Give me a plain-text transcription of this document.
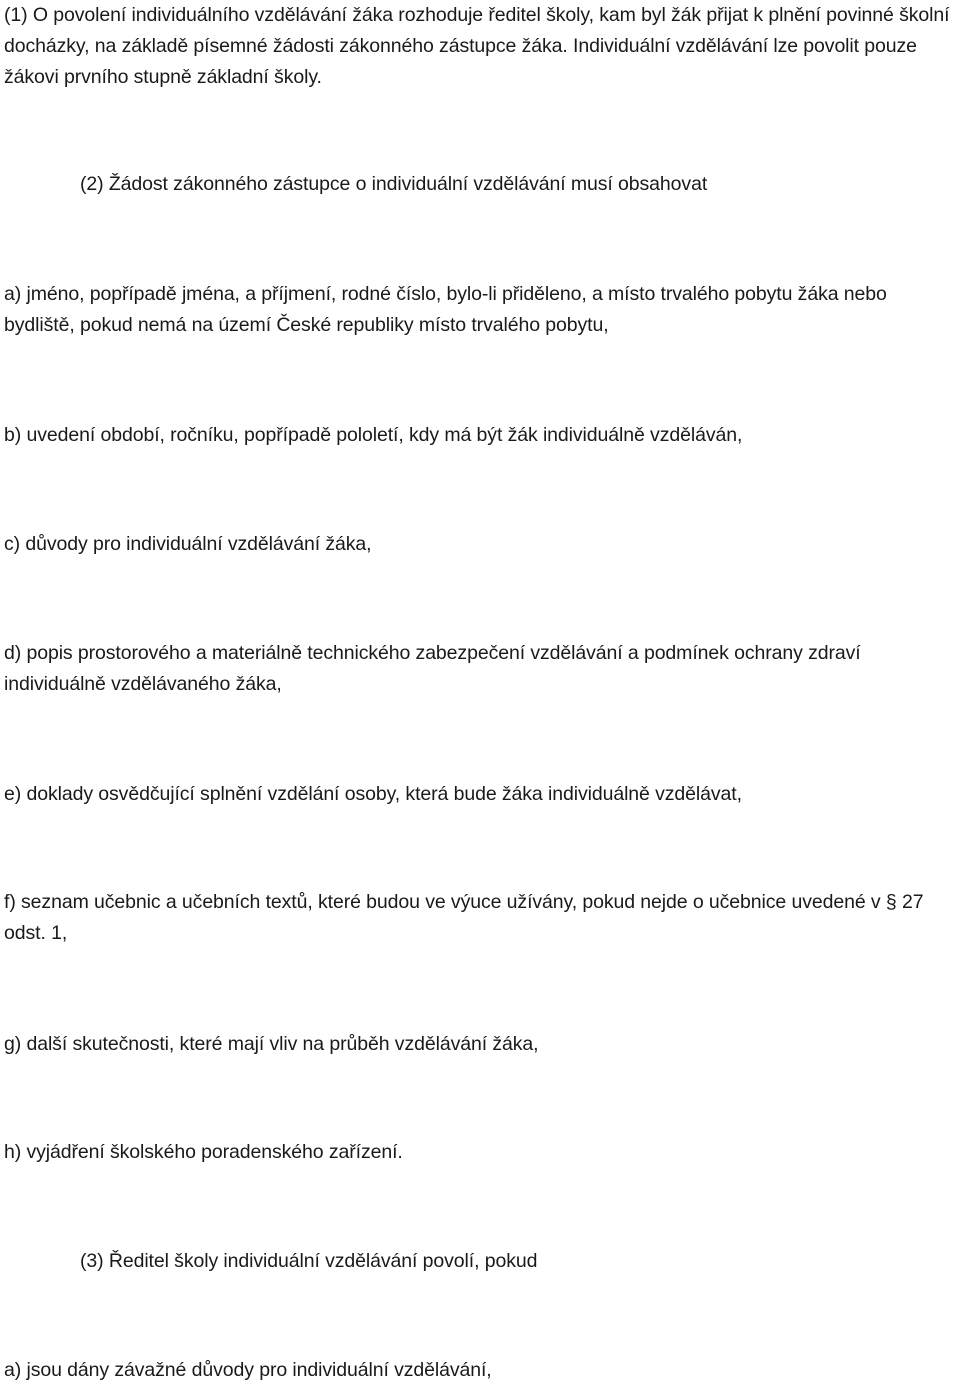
(1) O povolení individuálního vzdělávání žáka rozhoduje ředitel školy, kam byl žák přijat k plnění povinné školní docházky, na základě písemné žádosti zákonného zástupce žáka. Individuální vzdělávání lze povolit pouze žákovi prvního stupně základní školy.

(2) Žádost zákonného zástupce o individuální vzdělávání musí obsahovat

a) jméno, popřípadě jména, a příjmení, rodné číslo, bylo-li přiděleno, a místo trvalého pobytu žáka nebo bydliště, pokud nemá na území České republiky místo trvalého pobytu,

b) uvedení období, ročníku, popřípadě pololetí, kdy má být žák individuálně vzděláván,

c) důvody pro individuální vzdělávání žáka,

d) popis prostorového a materiálně technického zabezpečení vzdělávání a podmínek ochrany zdraví individuálně vzdělávaného žáka,

e) doklady osvědčující splnění vzdělání osoby, která bude žáka individuálně vzdělávat,

f) seznam učebnic a učebních textů, které budou ve výuce užívány, pokud nejde o učebnice uvedené v § 27 odst. 1,

g) další skutečnosti, které mají vliv na průběh vzdělávání žáka,

h) vyjádření školského poradenského zařízení.

(3) Ředitel školy individuální vzdělávání povolí, pokud

a) jsou dány závažné důvody pro individuální vzdělávání,
